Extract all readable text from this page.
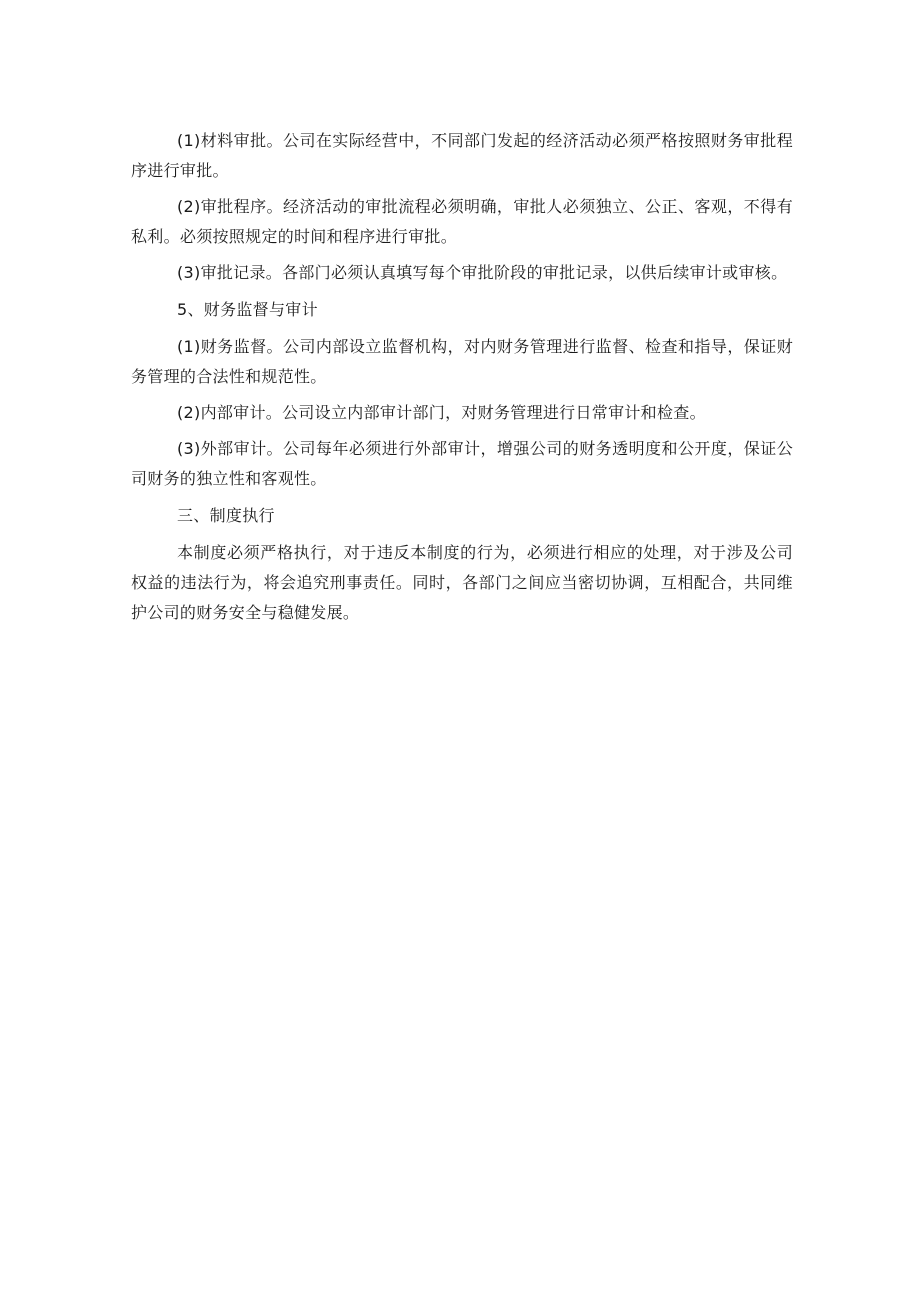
(1)材料审批。公司在实际经营中，不同部门发起的经济活动必须严格按照财务审批程序进行审批。

(2)审批程序。经济活动的审批流程必须明确，审批人必须独立、公正、客观，不得有私利。必须按照规定的时间和程序进行审批。

(3)审批记录。各部门必须认真填写每个审批阶段的审批记录，以供后续审计或审核。

5、财务监督与审计

(1)财务监督。公司内部设立监督机构，对内财务管理进行监督、检查和指导，保证财务管理的合法性和规范性。

(2)内部审计。公司设立内部审计部门，对财务管理进行日常审计和检查。

(3)外部审计。公司每年必须进行外部审计，增强公司的财务透明度和公开度，保证公司财务的独立性和客观性。

三、制度执行

本制度必须严格执行，对于违反本制度的行为，必须进行相应的处理，对于涉及公司权益的违法行为，将会追究刑事责任。同时，各部门之间应当密切协调，互相配合，共同维护公司的财务安全与稳健发展。
